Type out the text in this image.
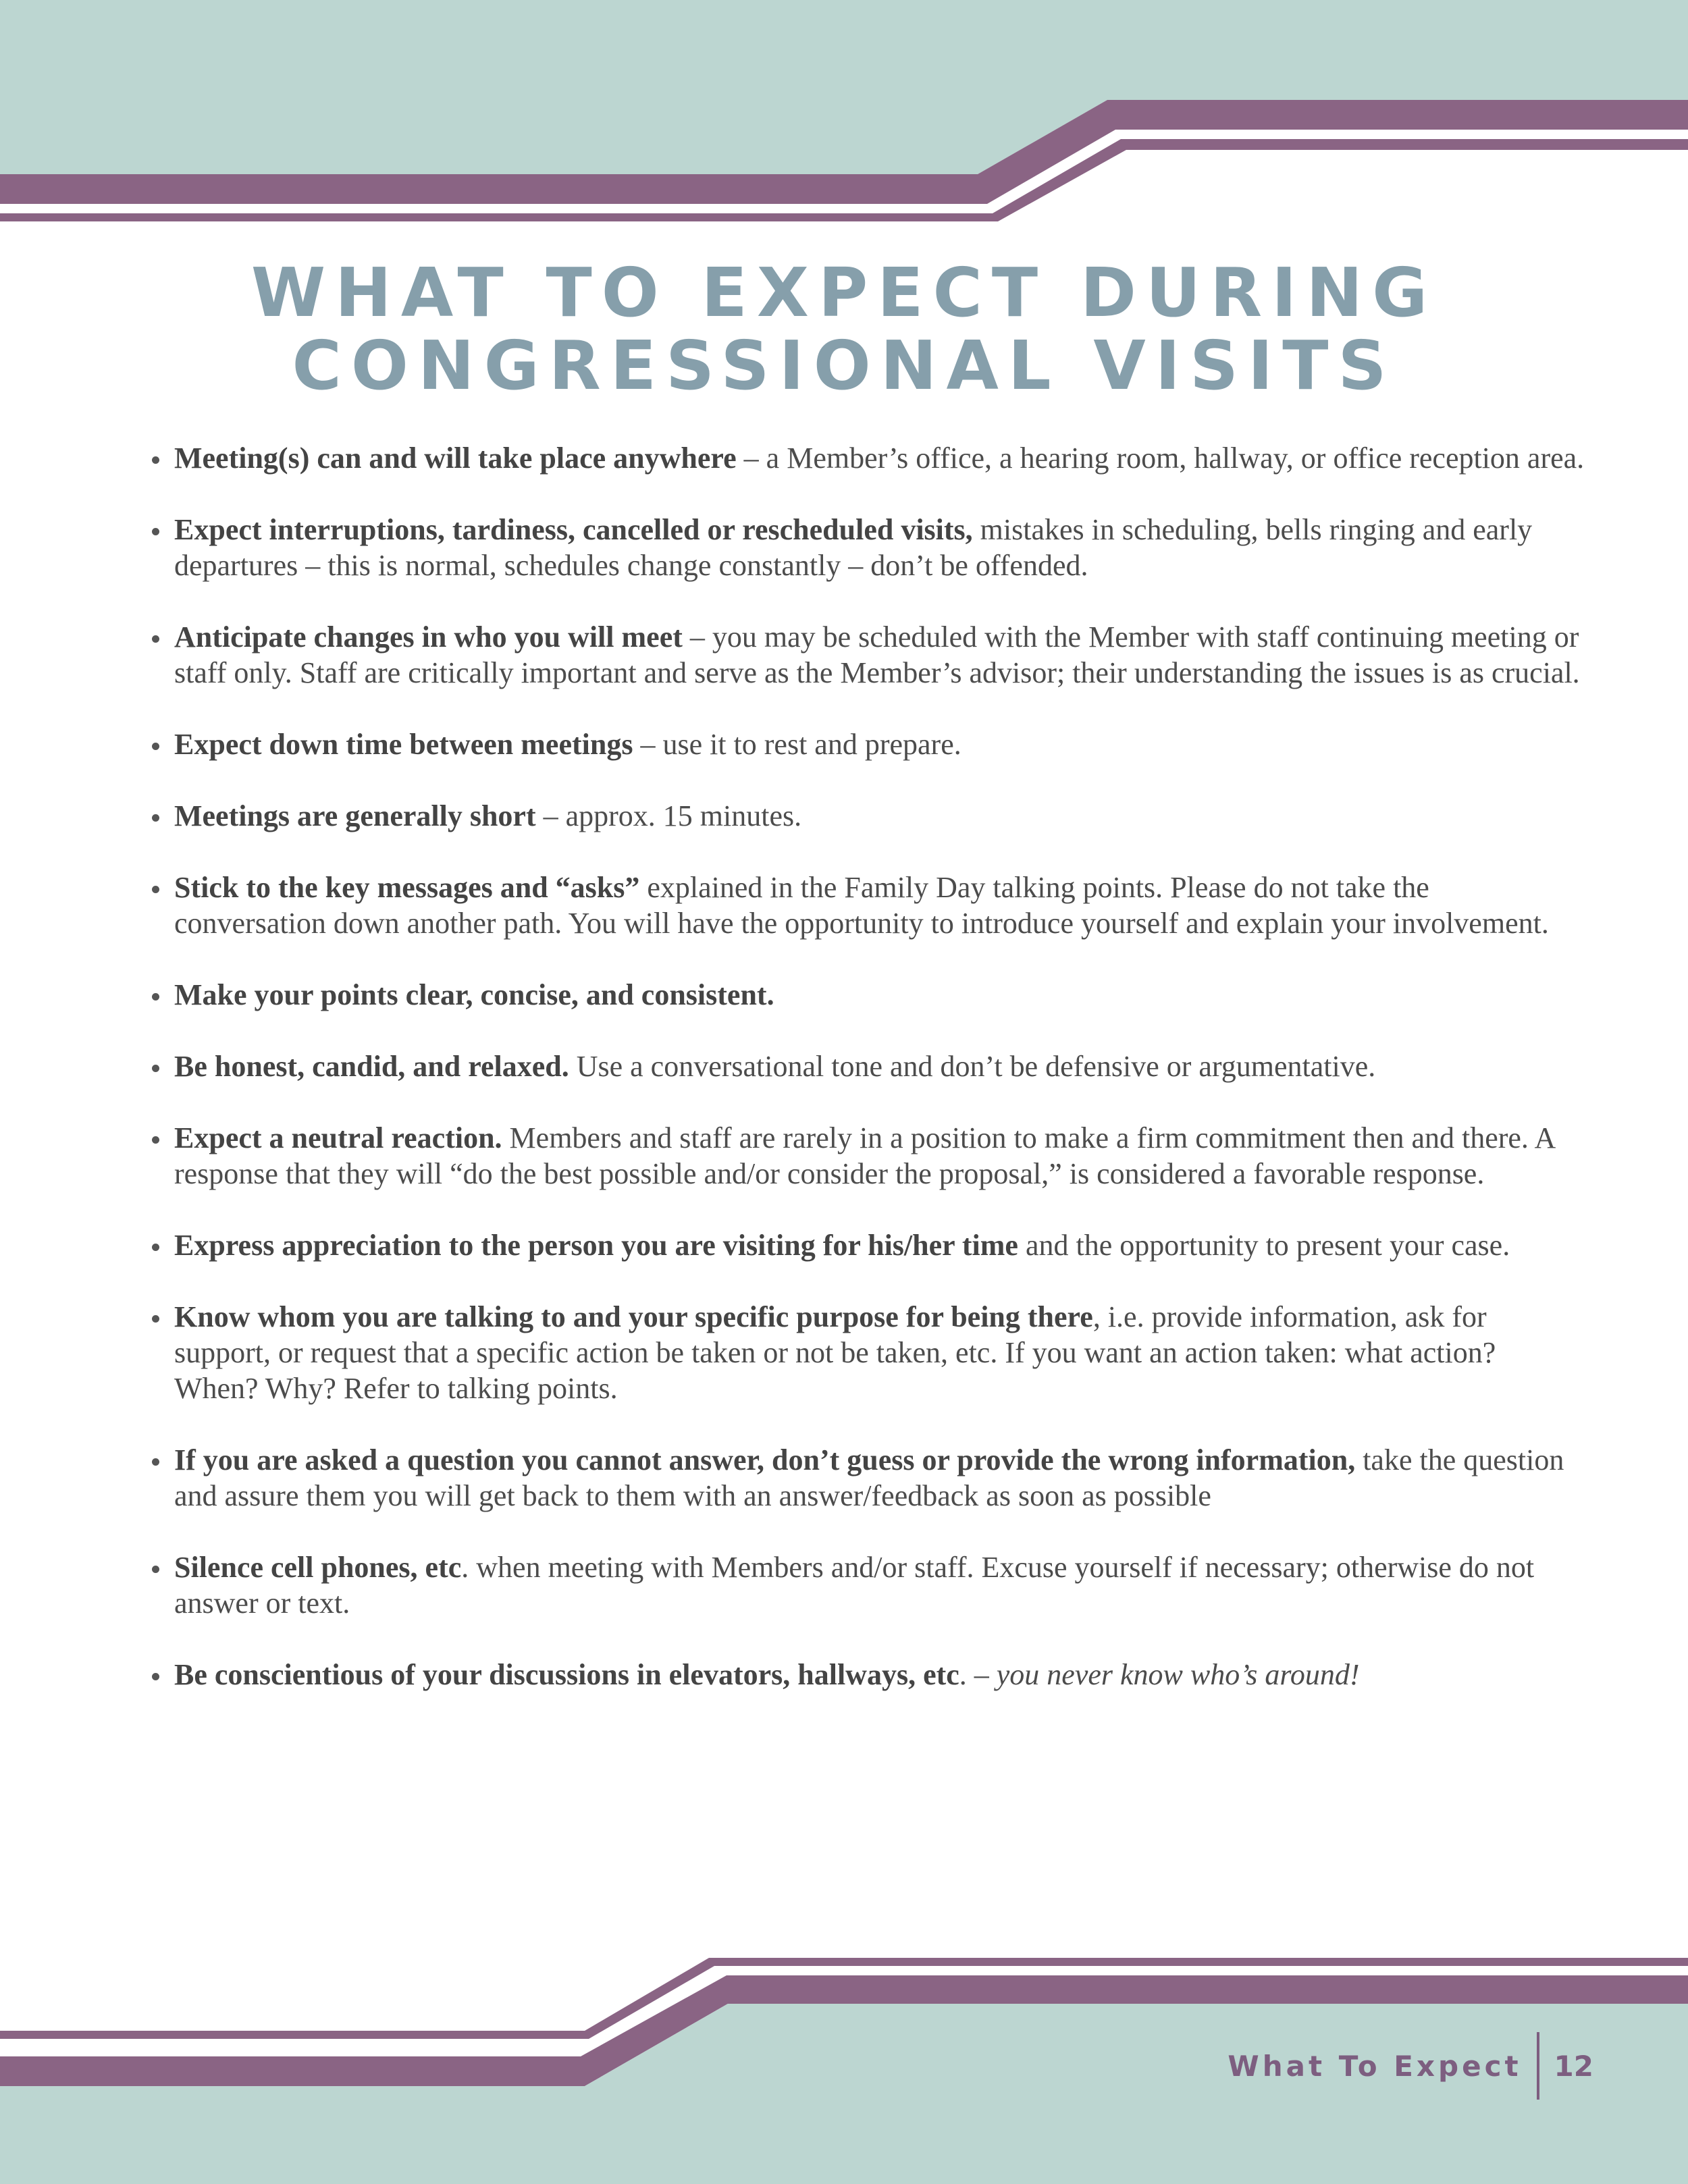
WHAT TO EXPECT DURING
CONGRESSIONAL VISITS
Meeting(s) can and will take place anywhere – a Member’s office, a hearing room, hallway, or office reception area.
Expect interruptions, tardiness, cancelled or rescheduled visits, mistakes in scheduling, bells ringing and early departures – this is normal, schedules change constantly – don’t be offended.
Anticipate changes in who you will meet – you may be scheduled with the Member with staff continuing meeting or staff only. Staff are critically important and serve as the Member’s advisor; their understanding the issues is as crucial.
Expect down time between meetings – use it to rest and prepare.
Meetings are generally short – approx. 15 minutes.
Stick to the key messages and “asks” explained in the Family Day talking points. Please do not take the conversation down another path. You will have the opportunity to introduce yourself and explain your involvement.
Make your points clear, concise, and consistent.
Be honest, candid, and relaxed. Use a conversational tone and don’t be defensive or argumentative.
Expect a neutral reaction. Members and staff are rarely in a position to make a firm commitment then and there. A response that they will “do the best possible and/or consider the proposal,” is considered a favorable response.
Express appreciation to the person you are visiting for his/her time and the opportunity to present your case.
Know whom you are talking to and your specific purpose for being there, i.e. provide information, ask for support, or request that a specific action be taken or not be taken, etc. If you want an action taken: what action? When? Why? Refer to talking points.
If you are asked a question you cannot answer, don’t guess or provide the wrong information, take the question and assure them you will get back to them with an answer/feedback as soon as possible
Silence cell phones, etc. when meeting with Members and/or staff. Excuse yourself if necessary; otherwise do not answer or text.
Be conscientious of your discussions in elevators, hallways, etc. – you never know who’s around!
What To Expect	12
